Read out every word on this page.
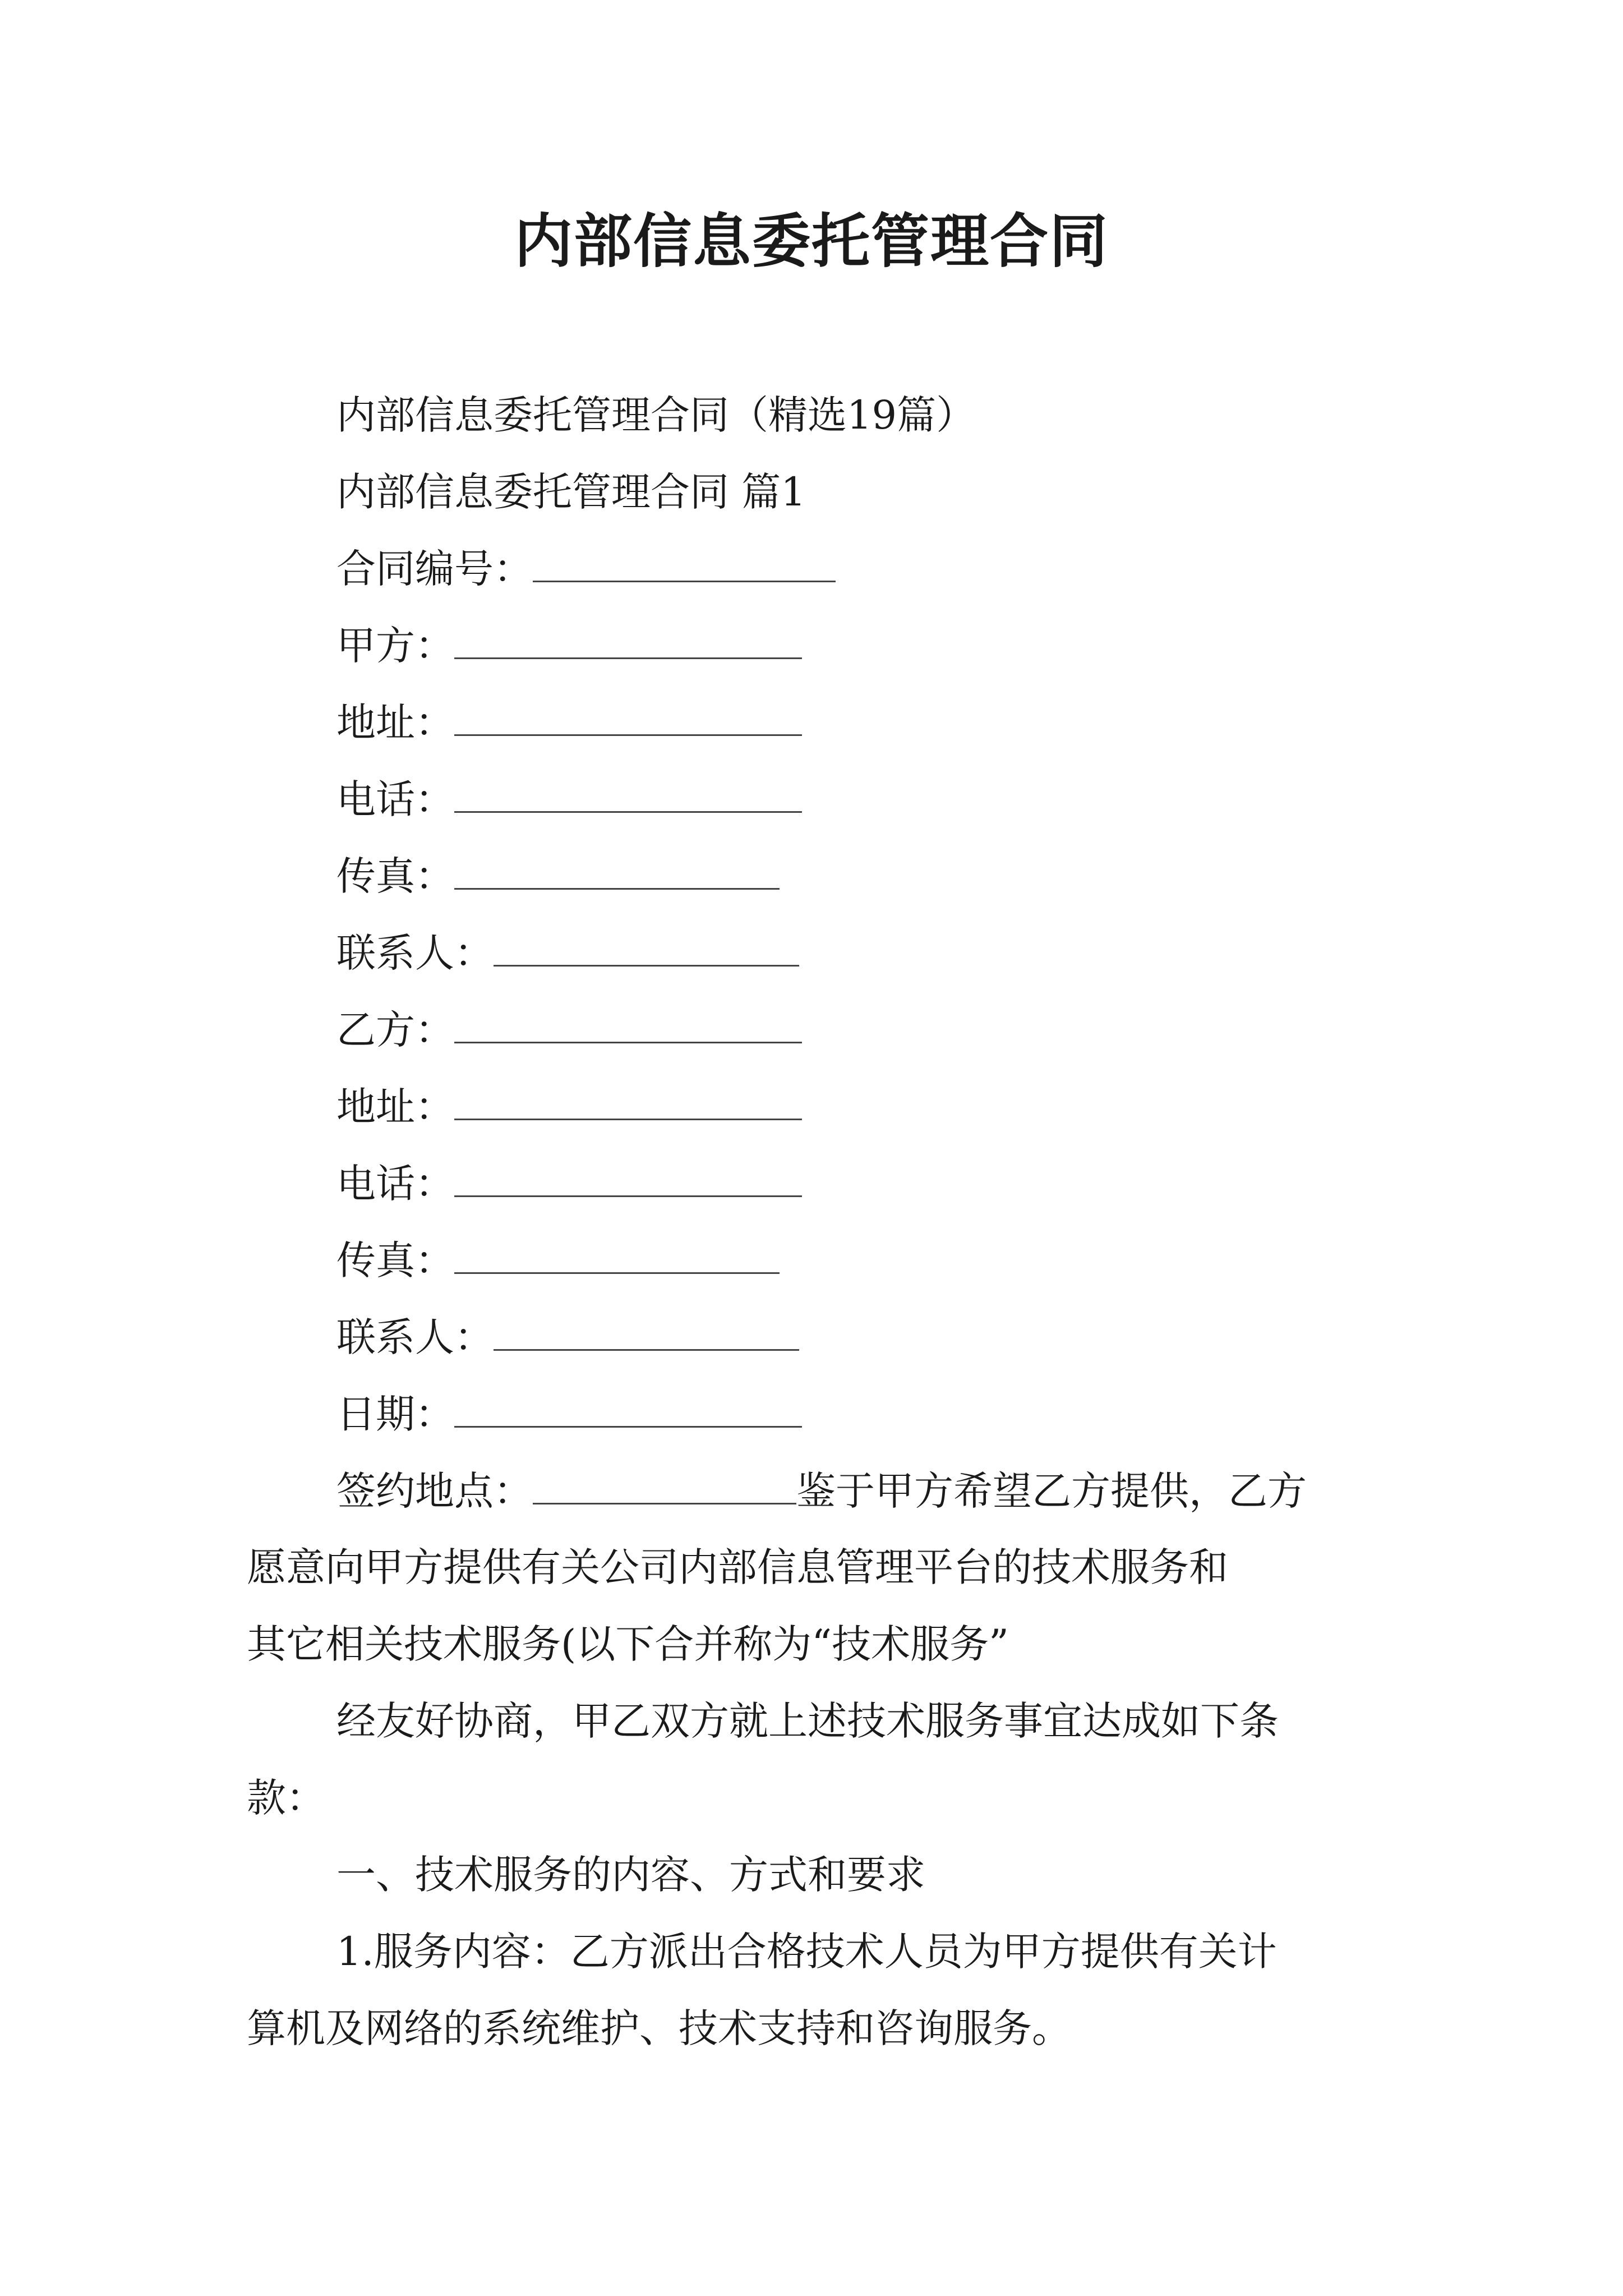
内部信息委托管理合同
内部信息委托管理合同（精选19篇）
内部信息委托管理合同 篇1
合同编号：
甲方：
地址：
电话：
传真：
联系人：
乙方：
地址：
电话：
传真：
联系人：
日期：
签约地点：	鉴于甲方希望乙方提供，乙方
愿意向甲方提供有关公司内部信息管理平台的技术服务和
其它相关技术服务(以下合并称为“技术服务”
经友好协商，甲乙双方就上述技术服务事宜达成如下条
款：
一、技术服务的内容、方式和要求
1.服务内容：乙方派出合格技术人员为甲方提供有关计
算机及网络的系统维护、技术支持和咨询服务。
